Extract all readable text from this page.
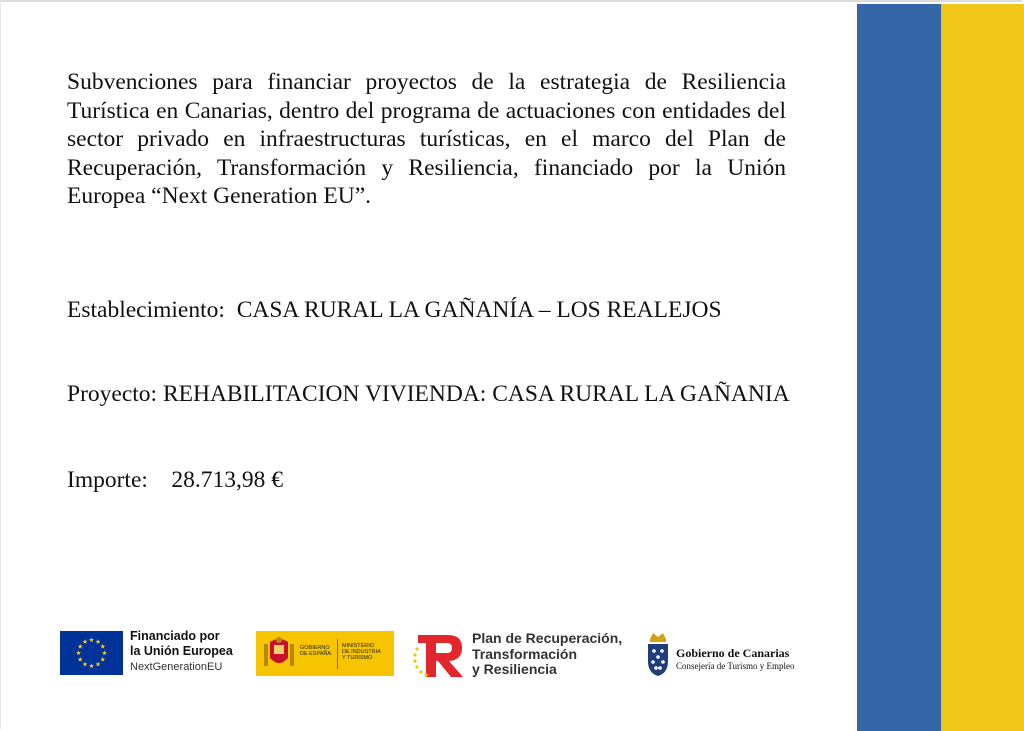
Subvenciones para financiar proyectos de la estrategia de Resiliencia Turística en Canarias, dentro del programa de actuaciones con entidades del sector privado en infraestructuras turísticas, en el marco del Plan de Recuperación, Transformación y Resiliencia, financiado por la Unión Europea “Next Generation EU”.

Establecimiento: CASA RURAL LA GAÑANÍA – LOS REALEJOS

Proyecto: REHABILITACION VIVIENDA: CASA RURAL LA GAÑANIA

Importe: 28.713,98 €

Financiado por
la Unión Europea
NextGenerationEU
GOBIERNO
DE ESPAÑA
MINISTERIO
DE INDUSTRIA
Y TURISMO
Plan de Recuperación,
Transformación
y Resiliencia
Gobierno de Canarias
Consejería de Turismo y Empleo
